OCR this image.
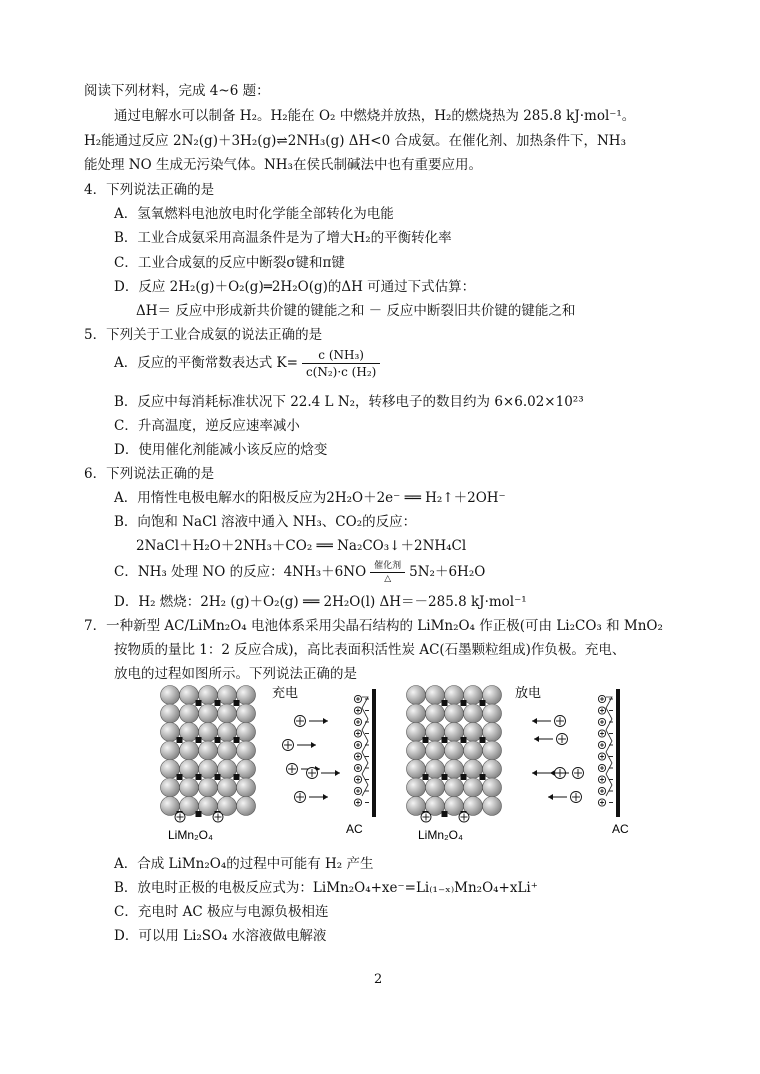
阅读下列材料，完成 4~6 题：
通过电解水可以制备 H₂。H₂能在 O₂ 中燃烧并放热，H₂的燃烧热为 285.8 kJ·mol⁻¹。
H₂能通过反应 2N₂(g)＋3H₂(g)⇌2NH₃(g) ΔH<0 合成氨。在催化剂、加热条件下，NH₃
能处理 NO 生成无污染气体。NH₃在侯氏制碱法中也有重要应用。
4．下列说法正确的是
A．氢氧燃料电池放电时化学能全部转化为电能
B．工业合成氨采用高温条件是为了增大H₂的平衡转化率
C．工业合成氨的反应中断裂σ键和π键
D．反应 2H₂(g)＋O₂(g)═2H₂O(g)的ΔH 可通过下式估算：
ΔH＝ 反应中形成新共价键的键能之和 － 反应中断裂旧共价键的键能之和
5．下列关于工业合成氨的说法正确的是
A．反应的平衡常数表达式 $K= \frac{\text{c (NH₃)}}{\text{c(N₂)·c (H₂)}}$
B．反应中每消耗标准状况下 22.4 L N₂，转移电子的数目约为 6×6.02×10²³
C．升高温度，逆反应速率减小
D．使用催化剂能减小该反应的焓变
6．下列说法正确的是
A．用惰性电极电解水的阳极反应为2H₂O＋2e⁻ ══ H₂↑＋2OH⁻
B．向饱和 NaCl 溶液中通入 NH₃、CO₂的反应：
2NaCl＋H₂O＋2NH₃＋CO₂ ══ Na₂CO₃↓＋2NH₄Cl
C．NH₃ 处理 NO 的反应：4NH₃＋6NO 催化剂
△	5N₂＋6H₂O
D．H₂ 燃烧：2H₂ (g)＋O₂(g) ══ 2H₂O(l) ΔH＝－285.8 kJ·mol⁻¹
7．一种新型 AC/LiMn₂O₄ 电池体系采用尖晶石结构的 LiMn₂O₄ 作正极(可由 Li₂CO₃ 和 MnO₂
按物质的量比 1：2 反应合成)，高比表面积活性炭 AC(石墨颗粒组成)作负极。充电、
放电的过程如图所示。下列说法正确的是
充电	放电
LiMn₂O₄	LiMn₂O₄
AC	AC
A．合成 LiMn₂O₄的过程中可能有 H₂ 产生
B．放电时正极的电极反应式为：LiMn₂O₄+xe⁻=Li₍₁₋ₓ₎Mn₂O₄+xLi⁺
C．充电时 AC 极应与电源负极相连
D．可以用 Li₂SO₄ 水溶液做电解液
2
